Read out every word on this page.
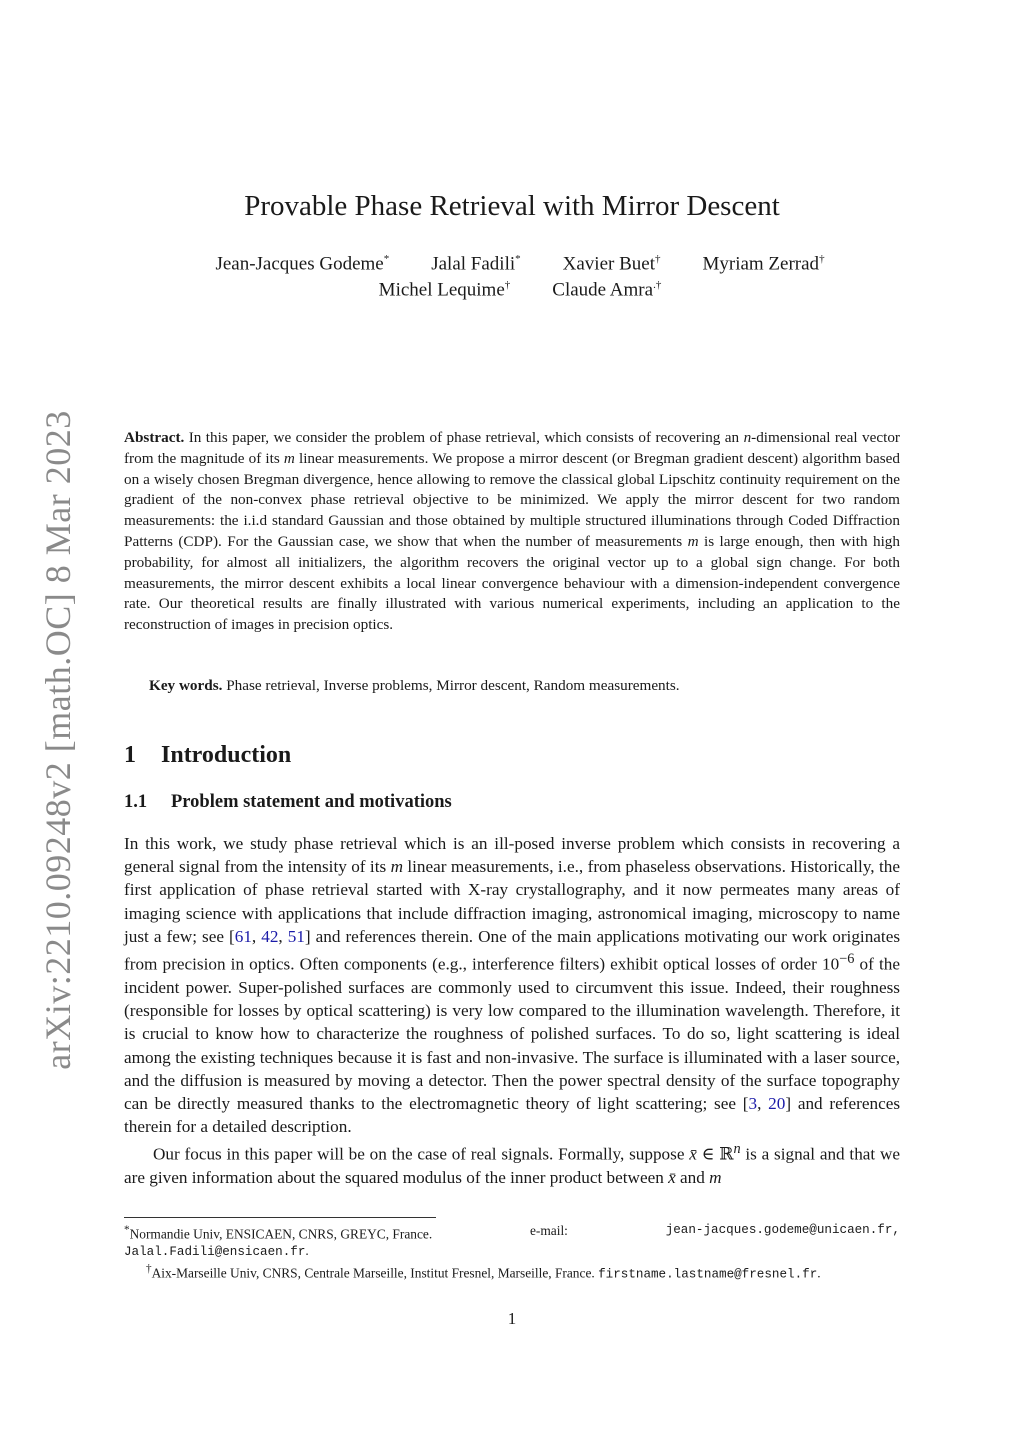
arXiv:2210.09248v2 [math.OC] 8 Mar 2023
Provable Phase Retrieval with Mirror Descent
Jean-Jacques Godeme* Jalal Fadili* Xavier Buet† Myriam Zerrad†
Michel Lequime† Claude Amra.†

Abstract. In this paper, we consider the problem of phase retrieval, which consists of recovering an n-dimensional real vector from the magnitude of its m linear measurements. We propose a mirror descent (or Bregman gradient descent) algorithm based on a wisely chosen Bregman divergence, hence allowing to remove the classical global Lipschitz continuity requirement on the gradient of the non-convex phase retrieval objective to be minimized. We apply the mirror descent for two random measurements: the i.i.d standard Gaussian and those obtained by multiple structured illuminations through Coded Diffraction Patterns (CDP). For the Gaussian case, we show that when the number of measurements m is large enough, then with high probability, for almost all initializers, the algorithm recovers the original vector up to a global sign change. For both measurements, the mirror descent exhibits a local linear convergence behaviour with a dimension-independent convergence rate. Our theoretical results are finally illustrated with various numerical experiments, including an application to the reconstruction of images in precision optics.

Key words. Phase retrieval, Inverse problems, Mirror descent, Random measurements.

1 Introduction
1.1 Problem statement and motivations

In this work, we study phase retrieval which is an ill-posed inverse problem which consists in recovering a general signal from the intensity of its m linear measurements, i.e., from phaseless observations. Historically, the first application of phase retrieval started with X-ray crystallography, and it now permeates many areas of imaging science with applications that include diffraction imaging, astronomical imaging, microscopy to name just a few; see [61, 42, 51] and references therein. One of the main applications motivating our work originates from precision in optics. Often components (e.g., interference filters) exhibit optical losses of order $10^{-6}$ of the incident power. Super-polished surfaces are commonly used to circumvent this issue. Indeed, their roughness (responsible for losses by optical scattering) is very low compared to the illumination wavelength. Therefore, it is crucial to know how to characterize the roughness of polished surfaces. To do so, light scattering is ideal among the existing techniques because it is fast and non-invasive. The surface is illuminated with a laser source, and the diffusion is measured by moving a detector. Then the power spectral density of the surface topography can be directly measured thanks to the electromagnetic theory of light scattering; see [3, 20] and references therein for a detailed description.

Our focus in this paper will be on the case of real signals. Formally, suppose x̄ ∈ ℝ$^n$ is a signal and that we are given information about the squared modulus of the inner product between x̄ and m

*Normandie Univ, ENSICAEN, CNRS, GREYC, France.	e-mail:	jean-jacques.godeme@unicaen.fr,

Jalal.Fadili@ensicaen.fr.

†Aix-Marseille Univ, CNRS, Centrale Marseille, Institut Fresnel, Marseille, France. firstname.lastname@fresnel.fr.

1
